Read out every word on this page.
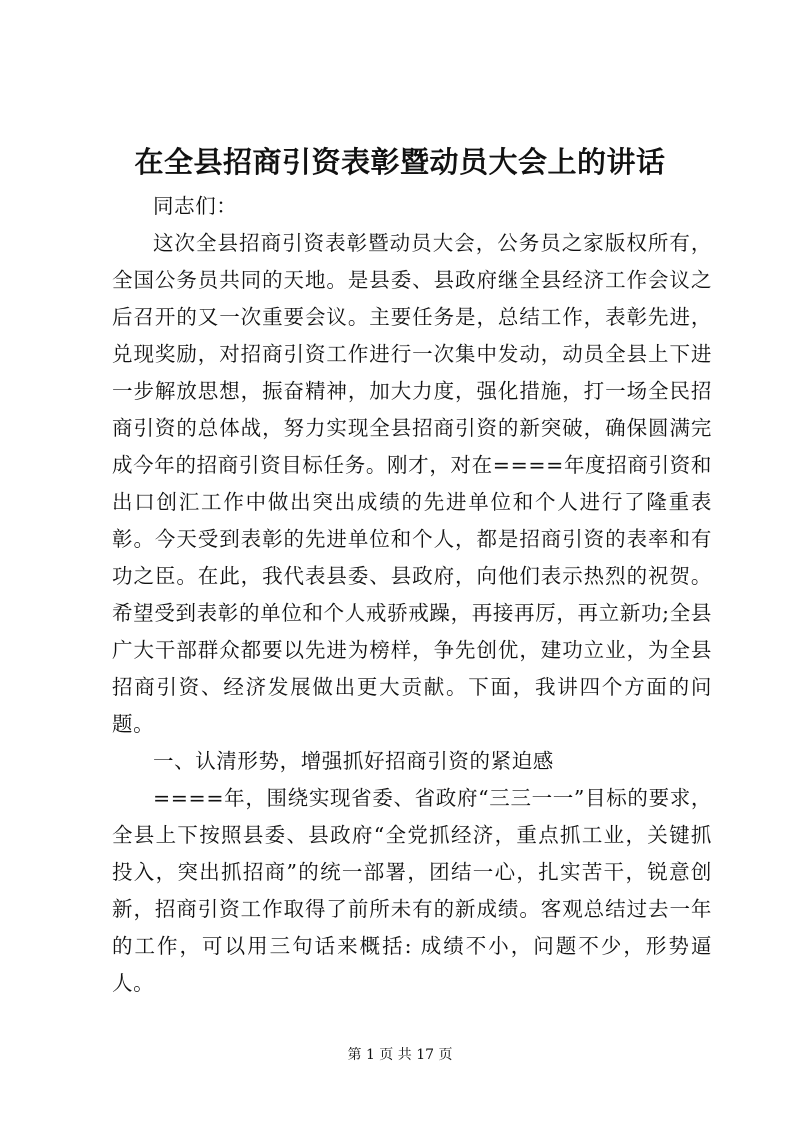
在全县招商引资表彰暨动员大会上的讲话

同志们：

这次全县招商引资表彰暨动员大会，公务员之家版权所有，全国公务员共同的天地。是县委、县政府继全县经济工作会议之后召开的又一次重要会议。主要任务是，总结工作，表彰先进，兑现奖励，对招商引资工作进行一次集中发动，动员全县上下进一步解放思想，振奋精神，加大力度，强化措施，打一场全民招商引资的总体战，努力实现全县招商引资的新突破，确保圆满完成今年的招商引资目标任务。刚才，对在====年度招商引资和出口创汇工作中做出突出成绩的先进单位和个人进行了隆重表彰。今天受到表彰的先进单位和个人，都是招商引资的表率和有功之臣。在此，我代表县委、县政府，向他们表示热烈的祝贺。希望受到表彰的单位和个人戒骄戒躁，再接再厉，再立新功;全县广大干部群众都要以先进为榜样，争先创优，建功立业，为全县招商引资、经济发展做出更大贡献。下面，我讲四个方面的问题。

一、认清形势，增强抓好招商引资的紧迫感

====年，围绕实现省委、省政府“三三一一”目标的要求，全县上下按照县委、县政府“全党抓经济，重点抓工业，关键抓投入，突出抓招商”的统一部署，团结一心，扎实苦干，锐意创新，招商引资工作取得了前所未有的新成绩。客观总结过去一年的工作，可以用三句话来概括: 成绩不小，问题不少，形势逼人。

第 1 页 共 17 页
